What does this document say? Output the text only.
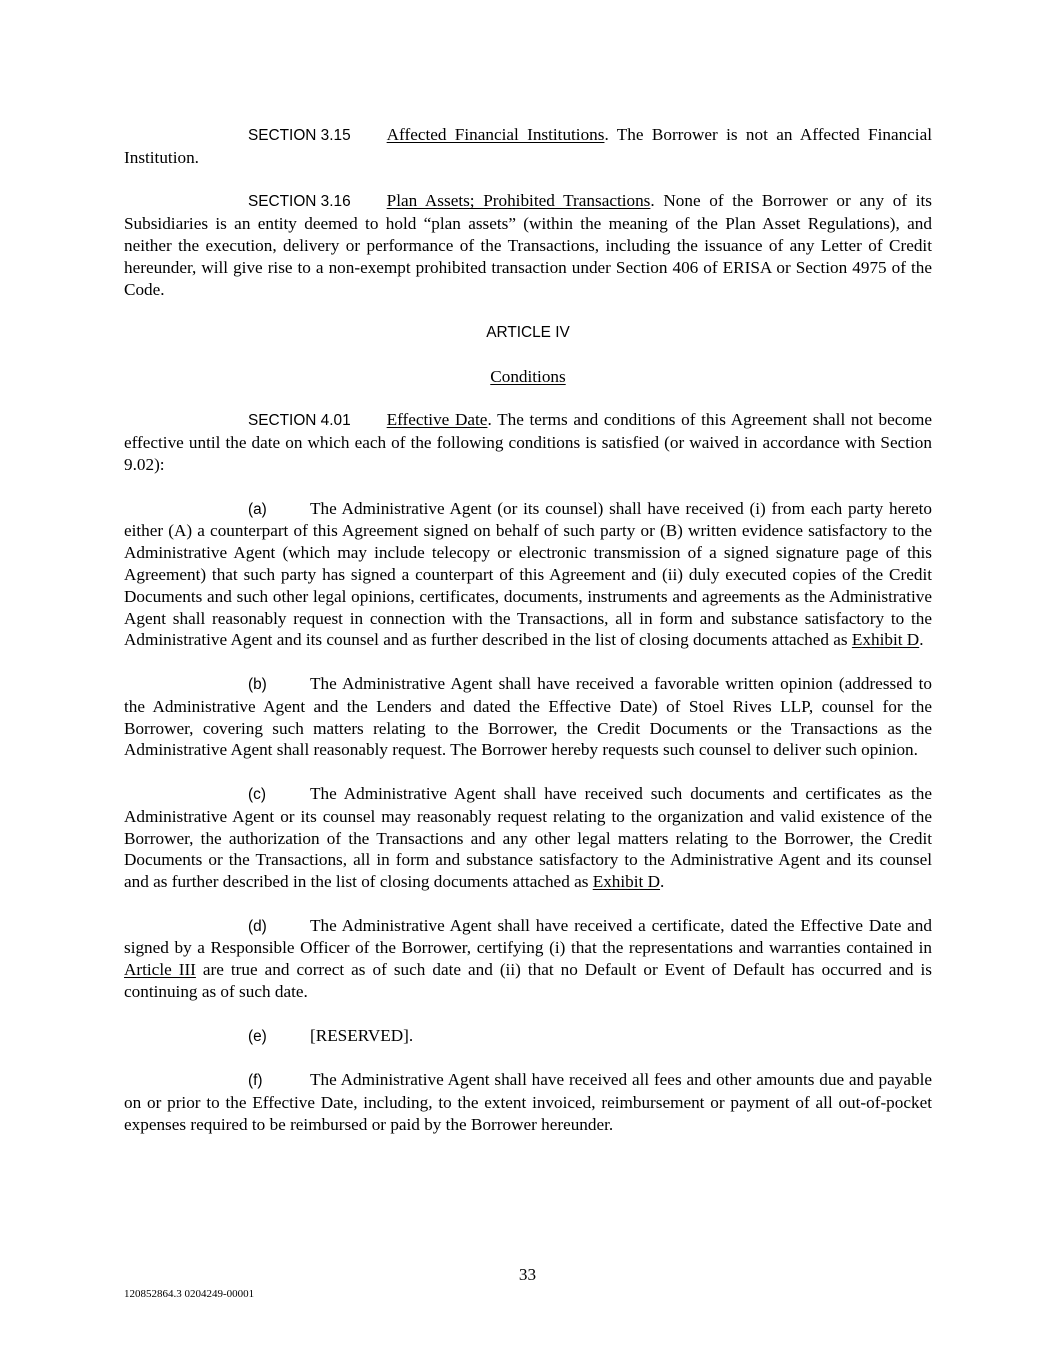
SECTION 3.15 Affected Financial Institutions. The Borrower is not an Affected Financial Institution.

SECTION 3.16 Plan Assets; Prohibited Transactions. None of the Borrower or any of its Subsidiaries is an entity deemed to hold “plan assets” (within the meaning of the Plan Asset Regulations), and neither the execution, delivery or performance of the Transactions, including the issuance of any Letter of Credit hereunder, will give rise to a non-exempt prohibited transaction under Section 406 of ERISA or Section 4975 of the Code.

ARTICLE IV

Conditions

SECTION 4.01 Effective Date. The terms and conditions of this Agreement shall not become effective until the date on which each of the following conditions is satisfied (or waived in accordance with Section 9.02):

(a)	The Administrative Agent (or its counsel) shall have received (i) from each party hereto either (A) a counterpart of this Agreement signed on behalf of such party or (B) written evidence satisfactory to the Administrative Agent (which may include telecopy or electronic transmission of a signed signature page of this Agreement) that such party has signed a counterpart of this Agreement and (ii) duly executed copies of the Credit Documents and such other legal opinions, certificates, documents, instruments and agreements as the Administrative Agent shall reasonably request in connection with the Transactions, all in form and substance satisfactory to the Administrative Agent and its counsel and as further described in the list of closing documents attached as Exhibit D.

(b)	The Administrative Agent shall have received a favorable written opinion (addressed to the Administrative Agent and the Lenders and dated the Effective Date) of Stoel Rives LLP, counsel for the Borrower, covering such matters relating to the Borrower, the Credit Documents or the Transactions as the Administrative Agent shall reasonably request. The Borrower hereby requests such counsel to deliver such opinion.

(c)	The Administrative Agent shall have received such documents and certificates as the Administrative Agent or its counsel may reasonably request relating to the organization and valid existence of the Borrower, the authorization of the Transactions and any other legal matters relating to the Borrower, the Credit Documents or the Transactions, all in form and substance satisfactory to the Administrative Agent and its counsel and as further described in the list of closing documents attached as Exhibit D.

(d)	The Administrative Agent shall have received a certificate, dated the Effective Date and signed by a Responsible Officer of the Borrower, certifying (i) that the representations and warranties contained in Article III are true and correct as of such date and (ii) that no Default or Event of Default has occurred and is continuing as of such date.

(e)	[RESERVED].

(f)	The Administrative Agent shall have received all fees and other amounts due and payable on or prior to the Effective Date, including, to the extent invoiced, reimbursement or payment of all out-of-pocket expenses required to be reimbursed or paid by the Borrower hereunder.

33
120852864.3 0204249-00001
